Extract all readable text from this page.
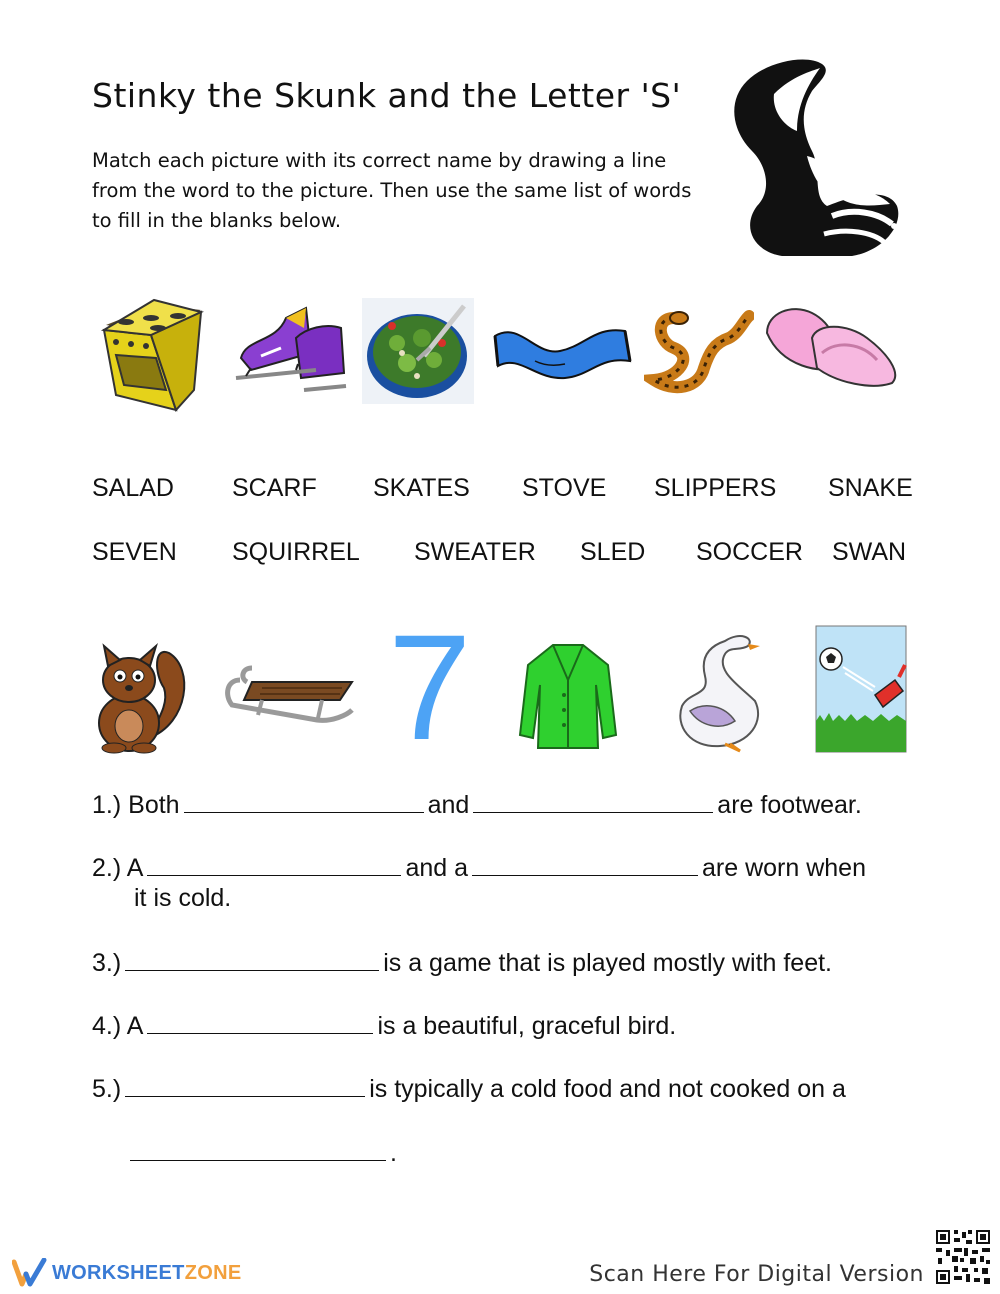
Stinky the Skunk and the Letter 'S'
Match each picture with its correct name by drawing a line from the word to the picture. Then use the same list of words to fill in the blanks below.
SALAD SCARF SKATES STOVE SLIPPERS SNAKE
SEVEN SQUIRREL SWEATER SLED SOCCER SWAN
7
1.) Both	and	are footwear.
2.) A	and a	are worn when
it is cold.
3.)	is a game that is played mostly with feet.
4.) A	is a beautiful, graceful bird.
5.)	is typically a cold food and not cooked on a
.
WORKSHEET ZONE	Scan Here For Digital Version
